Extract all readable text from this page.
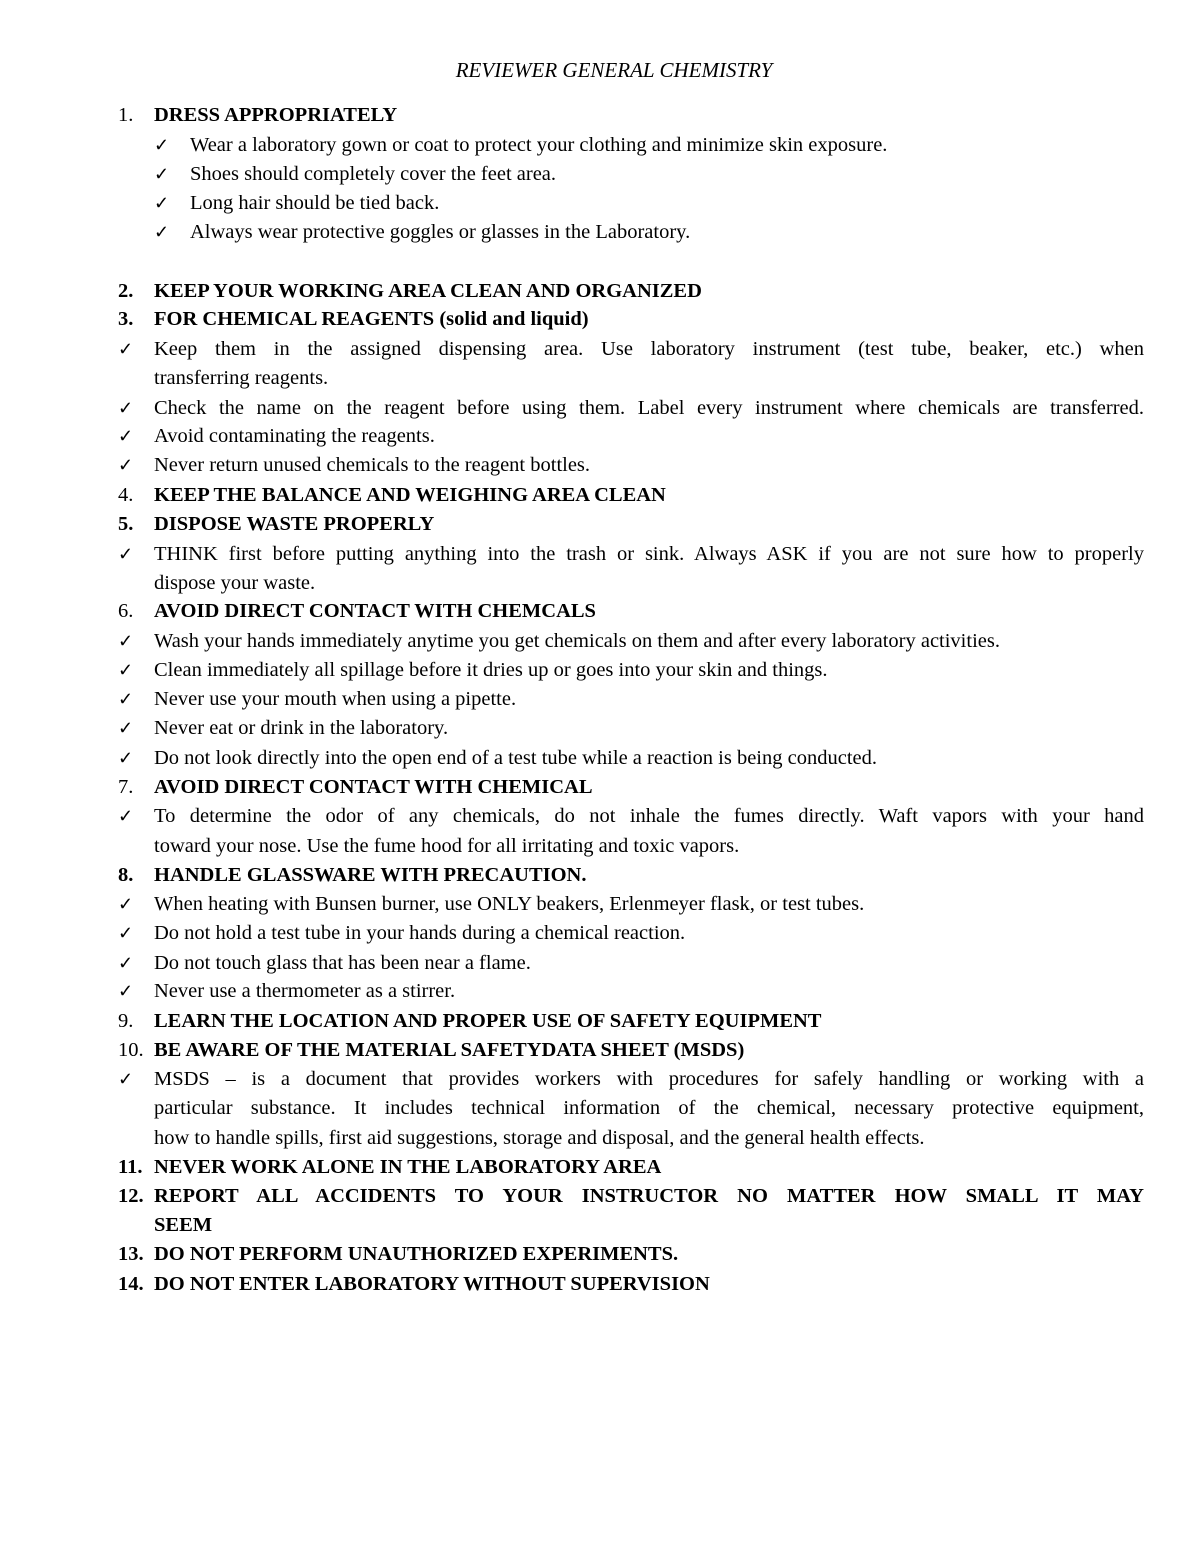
REVIEWER GENERAL CHEMISTRY
1. DRESS APPROPRIATELY
✓ Wear a laboratory gown or coat to protect your clothing and minimize skin exposure.
✓ Shoes should completely cover the feet area.
✓ Long hair should be tied back.
✓ Always wear protective goggles or glasses in the Laboratory.
2. KEEP YOUR WORKING AREA CLEAN AND ORGANIZED
3. FOR CHEMICAL REAGENTS (solid and liquid)
✓ Keep them in the assigned dispensing area. Use laboratory instrument (test tube, beaker, etc.) when
transferring reagents.
✓ Check the name on the reagent before using them. Label every instrument where chemicals are transferred.
✓ Avoid contaminating the reagents.
✓ Never return unused chemicals to the reagent bottles.
4. KEEP THE BALANCE AND WEIGHING AREA CLEAN
5. DISPOSE WASTE PROPERLY
✓ THINK first before putting anything into the trash or sink. Always ASK if you are not sure how to properly
dispose your waste.
6. AVOID DIRECT CONTACT WITH CHEMCALS
✓ Wash your hands immediately anytime you get chemicals on them and after every laboratory activities.
✓ Clean immediately all spillage before it dries up or goes into your skin and things.
✓ Never use your mouth when using a pipette.
✓ Never eat or drink in the laboratory.
✓ Do not look directly into the open end of a test tube while a reaction is being conducted.
7. AVOID DIRECT CONTACT WITH CHEMICAL
✓ To determine the odor of any chemicals, do not inhale the fumes directly. Waft vapors with your hand
toward your nose. Use the fume hood for all irritating and toxic vapors.
8. HANDLE GLASSWARE WITH PRECAUTION.
✓ When heating with Bunsen burner, use ONLY beakers, Erlenmeyer flask, or test tubes.
✓ Do not hold a test tube in your hands during a chemical reaction.
✓ Do not touch glass that has been near a flame.
✓ Never use a thermometer as a stirrer.
9. LEARN THE LOCATION AND PROPER USE OF SAFETY EQUIPMENT
10. BE AWARE OF THE MATERIAL SAFETYDATA SHEET (MSDS)
✓ MSDS – is a document that provides workers with procedures for safely handling or working with a
particular substance. It includes technical information of the chemical, necessary protective equipment,
how to handle spills, first aid suggestions, storage and disposal, and the general health effects.
11. NEVER WORK ALONE IN THE LABORATORY AREA
12. REPORT ALL ACCIDENTS TO YOUR INSTRUCTOR NO MATTER HOW SMALL IT MAY
SEEM
13. DO NOT PERFORM UNAUTHORIZED EXPERIMENTS.
14. DO NOT ENTER LABORATORY WITHOUT SUPERVISION
